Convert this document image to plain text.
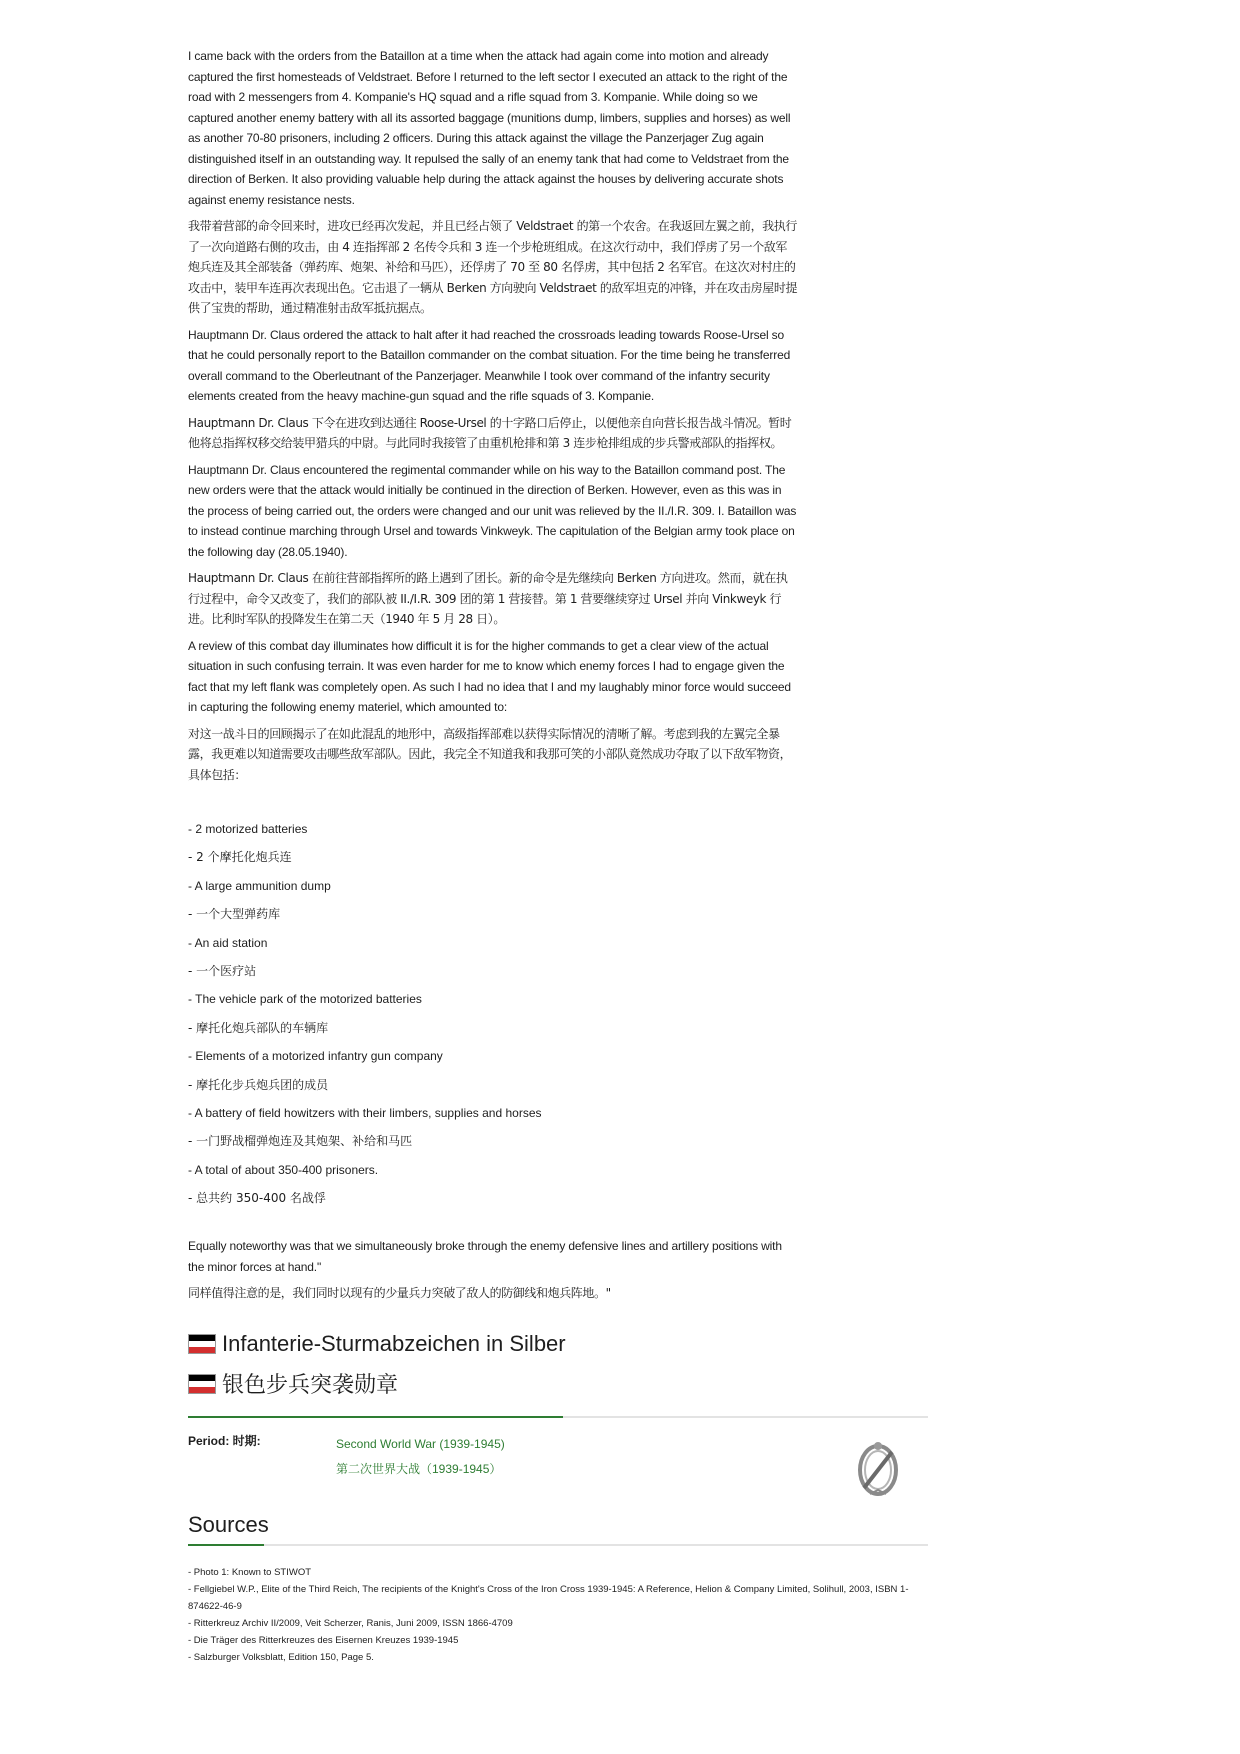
I came back with the orders from the Bataillon at a time when the attack had again come into motion and already captured the first homesteads of Veldstraet. Before I returned to the left sector I executed an attack to the right of the road with 2 messengers from 4. Kompanie's HQ squad and a rifle squad from 3. Kompanie. While doing so we captured another enemy battery with all its assorted baggage (munitions dump, limbers, supplies and horses) as well as another 70-80 prisoners, including 2 officers. During this attack against the village the Panzerjager Zug again distinguished itself in an outstanding way. It repulsed the sally of an enemy tank that had come to Veldstraet from the direction of Berken. It also providing valuable help during the attack against the houses by delivering accurate shots against enemy resistance nests.

我带着营部的命令回来时，进攻已经再次发起，并且已经占领了 Veldstraet 的第一个农舍。在我返回左翼之前，我执行了一次向道路右侧的攻击，由 4 连指挥部 2 名传令兵和 3 连一个步枪班组成。在这次行动中，我们俘虏了另一个敌军炮兵连及其全部装备（弹药库、炮架、补给和马匹），还俘虏了 70 至 80 名俘虏，其中包括 2 名军官。在这次对村庄的攻击中，装甲车连再次表现出色。它击退了一辆从 Berken 方向驶向 Veldstraet 的敌军坦克的冲锋，并在攻击房屋时提供了宝贵的帮助，通过精准射击敌军抵抗据点。

Hauptmann Dr. Claus ordered the attack to halt after it had reached the crossroads leading towards Roose-Ursel so that he could personally report to the Bataillon commander on the combat situation. For the time being he transferred overall command to the Oberleutnant of the Panzerjager. Meanwhile I took over command of the infantry security elements created from the heavy machine-gun squad and the rifle squads of 3. Kompanie.

Hauptmann Dr. Claus 下令在进攻到达通往 Roose-Ursel 的十字路口后停止，以便他亲自向营长报告战斗情况。暂时他将总指挥权移交给装甲猎兵的中尉。与此同时我接管了由重机枪排和第 3 连步枪排组成的步兵警戒部队的指挥权。

Hauptmann Dr. Claus encountered the regimental commander while on his way to the Bataillon command post. The new orders were that the attack would initially be continued in the direction of Berken. However, even as this was in the process of being carried out, the orders were changed and our unit was relieved by the II./I.R. 309. I. Bataillon was to instead continue marching through Ursel and towards Vinkweyk. The capitulation of the Belgian army took place on the following day (28.05.1940).

Hauptmann Dr. Claus 在前往营部指挥所的路上遇到了团长。新的命令是先继续向 Berken 方向进攻。然而，就在执行过程中，命令又改变了，我们的部队被 II./I.R. 309 团的第 1 营接替。第 1 营要继续穿过 Ursel 并向 Vinkweyk 行进。比利时军队的投降发生在第二天（1940 年 5 月 28 日）。

A review of this combat day illuminates how difficult it is for the higher commands to get a clear view of the actual situation in such confusing terrain. It was even harder for me to know which enemy forces I had to engage given the fact that my left flank was completely open. As such I had no idea that I and my laughably minor force would succeed in capturing the following enemy materiel, which amounted to:

对这一战斗日的回顾揭示了在如此混乱的地形中，高级指挥部难以获得实际情况的清晰了解。考虑到我的左翼完全暴露，我更难以知道需要攻击哪些敌军部队。因此，我完全不知道我和我那可笑的小部队竟然成功夺取了以下敌军物资，具体包括：

- 2 motorized batteries
- 2 个摩托化炮兵连
- A large ammunition dump
- 一个大型弹药库
- An aid station
- 一个医疗站
- The vehicle park of the motorized batteries
- 摩托化炮兵部队的车辆库
- Elements of a motorized infantry gun company
- 摩托化步兵炮兵团的成员
- A battery of field howitzers with their limbers, supplies and horses
- 一门野战榴弹炮连及其炮架、补给和马匹
- A total of about 350-400 prisoners.
- 总共约 350-400 名战俘

Equally noteworthy was that we simultaneously broke through the enemy defensive lines and artillery positions with the minor forces at hand."

同样值得注意的是，我们同时以现有的少量兵力突破了敌人的防御线和炮兵阵地。"

Infanterie-Sturmabzeichen in Silber
银色步兵突袭勋章
Period: 时期:	Second World War (1939-1945)
第二次世界大战（1939-1945）
Sources
- Photo 1: Known to STIWOT
- Fellgiebel W.P., Elite of the Third Reich, The recipients of the Knight's Cross of the Iron Cross 1939-1945: A Reference, Helion & Company Limited, Solihull, 2003, ISBN 1-874622-46-9
- Ritterkreuz Archiv II/2009, Veit Scherzer, Ranis, Juni 2009, ISSN 1866-4709
- Die Träger des Ritterkreuzes des Eisernen Kreuzes 1939-1945
- Salzburger Volksblatt, Edition 150, Page 5.
